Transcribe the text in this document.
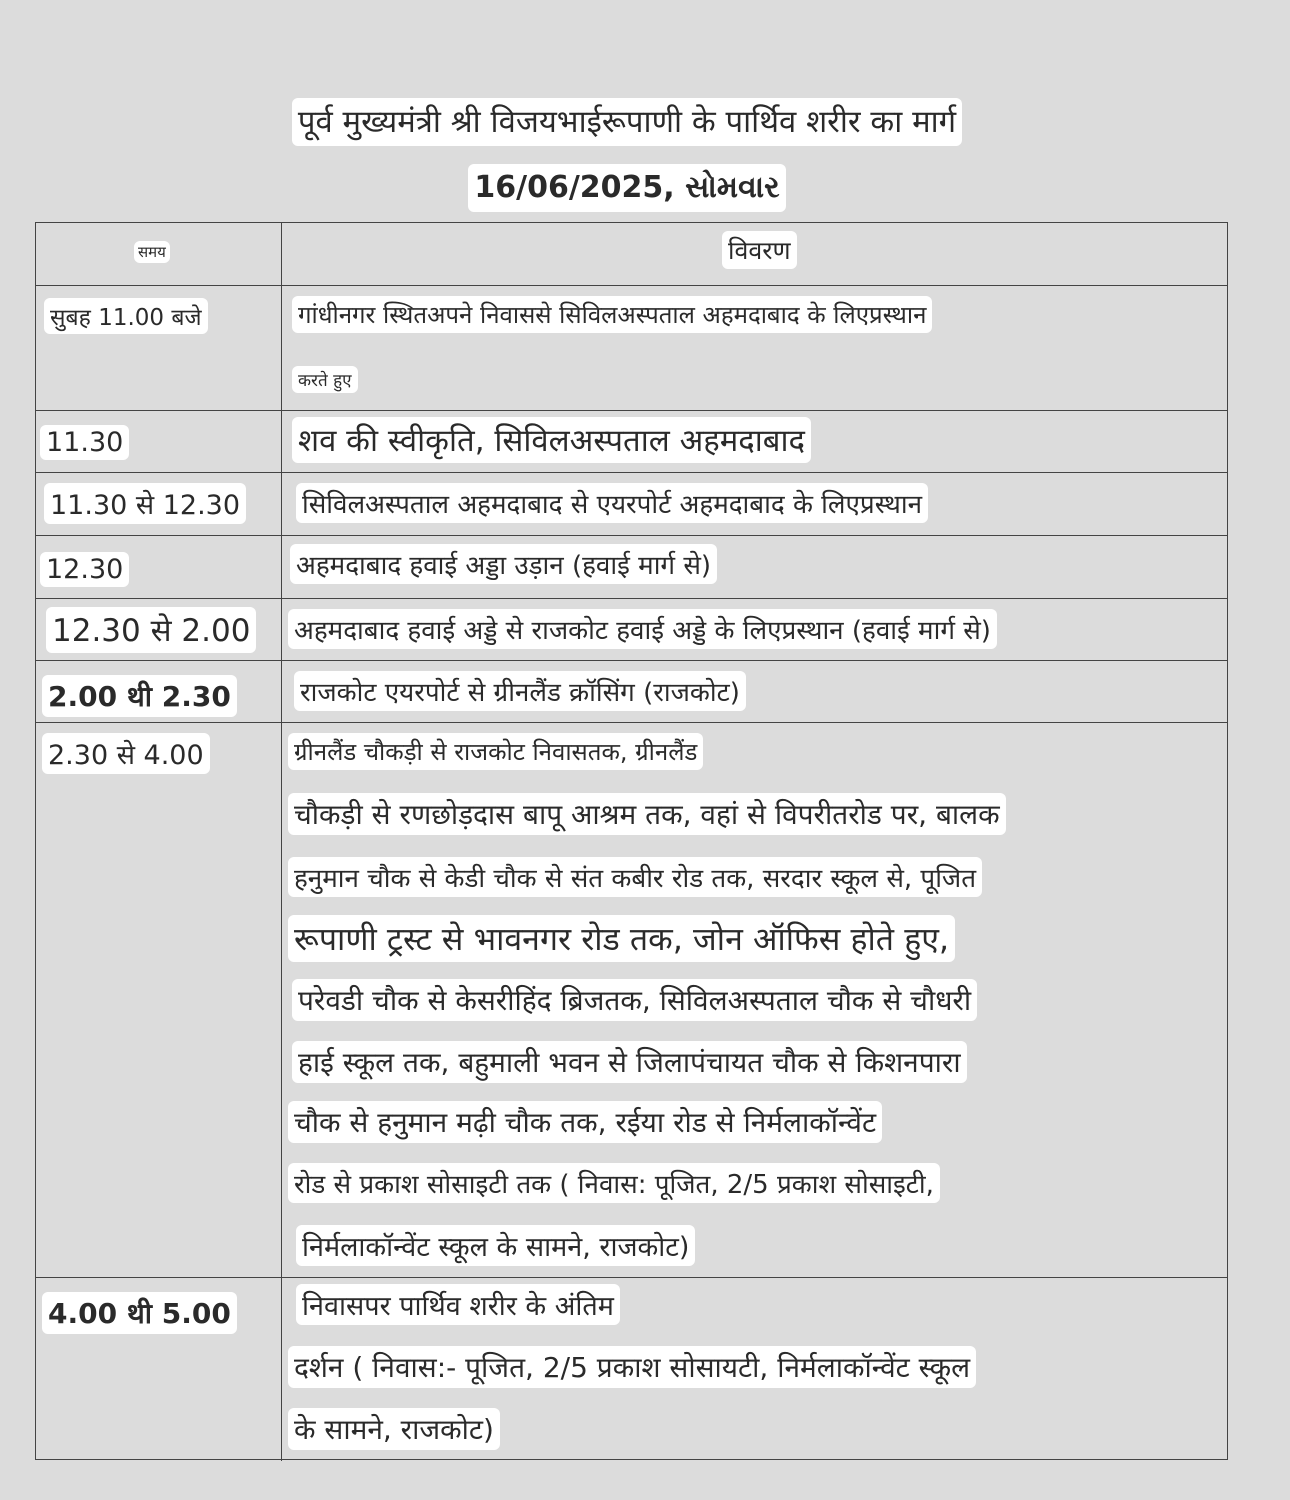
पूर्व मुख्यमंत्री श्री विजयभाईरूपाणी के पार्थिव शरीर का मार्ग
16/06/2025, સોમવાર
समय	विवरण
सुबह 11.00 बजे	गांधीनगर स्थितअपने निवाससे सिविलअस्पताल अहमदाबाद के लिएप्रस्थान
करते हुए
11.30	शव की स्वीकृति, सिविलअस्पताल अहमदाबाद
11.30 से 12.30 सिविलअस्पताल अहमदाबाद से एयरपोर्ट अहमदाबाद के लिएप्रस्थान
12.30	अहमदाबाद हवाई अड्डा उड़ान (हवाई मार्ग से)
12.30 से 2.00 अहमदाबाद हवाई अड्डे से राजकोट हवाई अड्डे के लिएप्रस्थान (हवाई मार्ग से)
2.00 थी 2.30	राजकोट एयरपोर्ट से ग्रीनलैंड क्रॉसिंग (राजकोट)
2.30 से 4.00	ग्रीनलैंड चौकड़ी से राजकोट निवासतक, ग्रीनलैंड
चौकड़ी से रणछोड़दास बापू आश्रम तक, वहां से विपरीतरोड पर, बालक
हनुमान चौक से केडी चौक से संत कबीर रोड तक, सरदार स्कूल से, पूजित
रूपाणी ट्रस्ट से भावनगर रोड तक, जोन ऑफिस होते हुए,
परेवडी चौक से केसरीहिंद ब्रिजतक, सिविलअस्पताल चौक से चौधरी
हाई स्कूल तक, बहुमाली भवन से जिलापंचायत चौक से किशनपारा
चौक से हनुमान मढ़ी चौक तक, रईया रोड से निर्मलाकॉन्वेंट
रोड से प्रकाश सोसाइटी तक ( निवास: पूजित, 2/5 प्रकाश सोसाइटी,
निर्मलाकॉन्वेंट स्कूल के सामने, राजकोट)
4.00 थी 5.00	निवासपर पार्थिव शरीर के अंतिम
दर्शन ( निवास:- पूजित, 2/5 प्रकाश सोसायटी, निर्मलाकॉन्वेंट स्कूल
के सामने, राजकोट)
